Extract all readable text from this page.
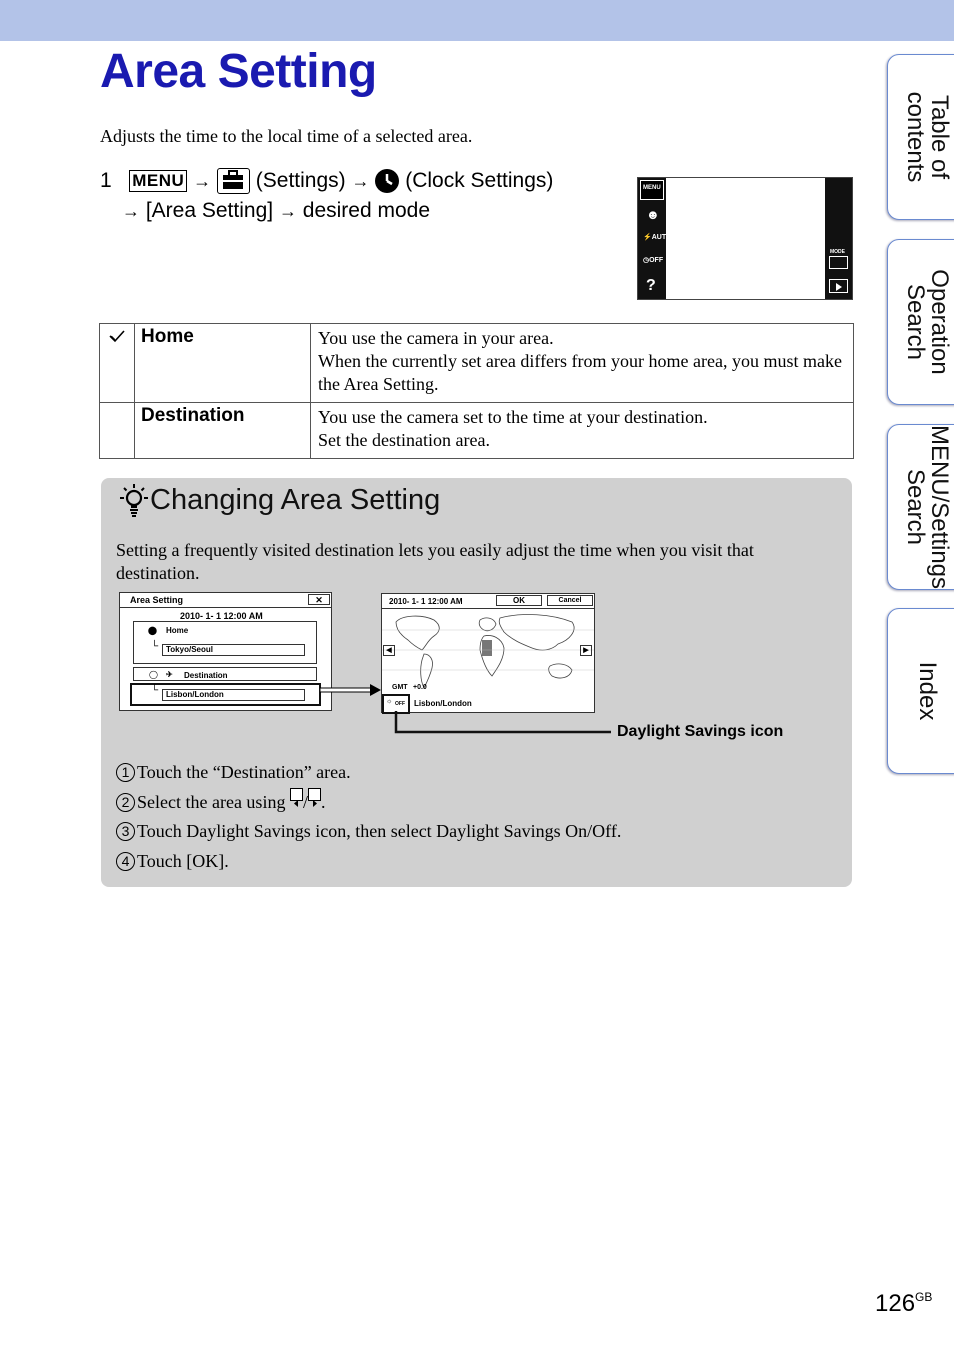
Area Setting

Adjusts the time to the local time of a selected area.

1 MENU → (Settings) → (Clock Settings)
→ [Area Setting] → desired mode
MENU
☻
⚡AUTO
◷OFF
?
MODE
	Home	You use the camera in your area.
When the currently set area differs from your home area, you must make the Area Setting.

	Destination	You use the camera set to the time at your destination.
Set the destination area.
Changing Area Setting

Setting a frequently visited destination lets you easily adjust the time when you visit that destination.

Area Setting	✕
2010- 1- 1 12:00 AM
⬤ Home
└ Tokyo/Seoul
◯ ✈ Destination
└ Lisbon/London
2010- 1- 1 12:00 AM	OK	Cancel
◀	▶
GMT +0.0
☼ OFF Lisbon/London
Daylight Savings icon
1 Touch the “Destination” area.
2 Select the area using / .
3 Touch Daylight Savings icon, then select Daylight Savings On/Off.
4 Touch [OK].
Table of
contents
Operation
Search
MENU/Settings
Search
Index
$126^{GB}$
